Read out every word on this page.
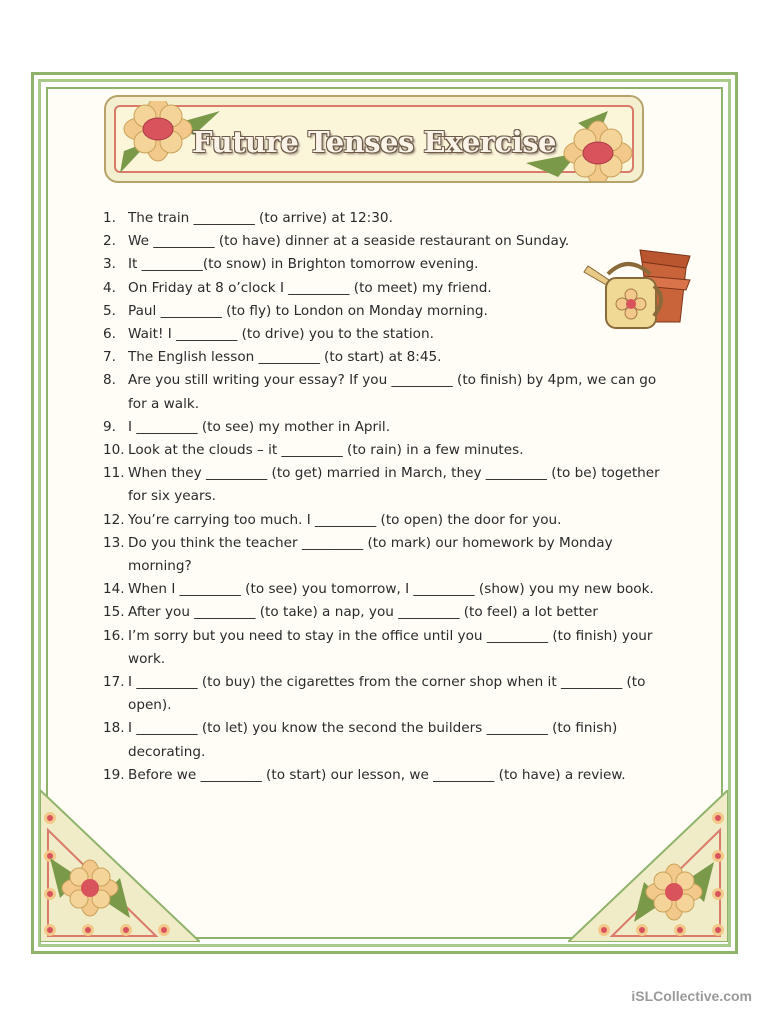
Future Tenses Exercise
1. The train _________ (to arrive) at 12:30.
2. We _________ (to have) dinner at a seaside restaurant on Sunday.
3. It _________(to snow) in Brighton tomorrow evening.
4. On Friday at 8 o’clock I _________ (to meet) my friend.
5. Paul _________ (to fly) to London on Monday morning.
6. Wait! I _________ (to drive) you to the station.
7. The English lesson _________ (to start) at 8:45.
8. Are you still writing your essay? If you _________ (to finish) by 4pm, we can go for a walk.
9. I _________ (to see) my mother in April.
10. Look at the clouds – it _________ (to rain) in a few minutes.
11. When they _________ (to get) married in March, they _________ (to be) together for six years.
12. You’re carrying too much. I _________ (to open) the door for you.
13. Do you think the teacher _________ (to mark) our homework by Monday morning?
14. When I _________ (to see) you tomorrow, I _________ (show) you my new book.
15. After you _________ (to take) a nap, you _________ (to feel) a lot better
16. I’m sorry but you need to stay in the office until you _________ (to finish) your work.
17. I _________ (to buy) the cigarettes from the corner shop when it _________ (to open).
18. I _________ (to let) you know the second the builders _________ (to finish) decorating.
19. Before we _________ (to start) our lesson, we _________ (to have) a review.
iSLCollective.com
